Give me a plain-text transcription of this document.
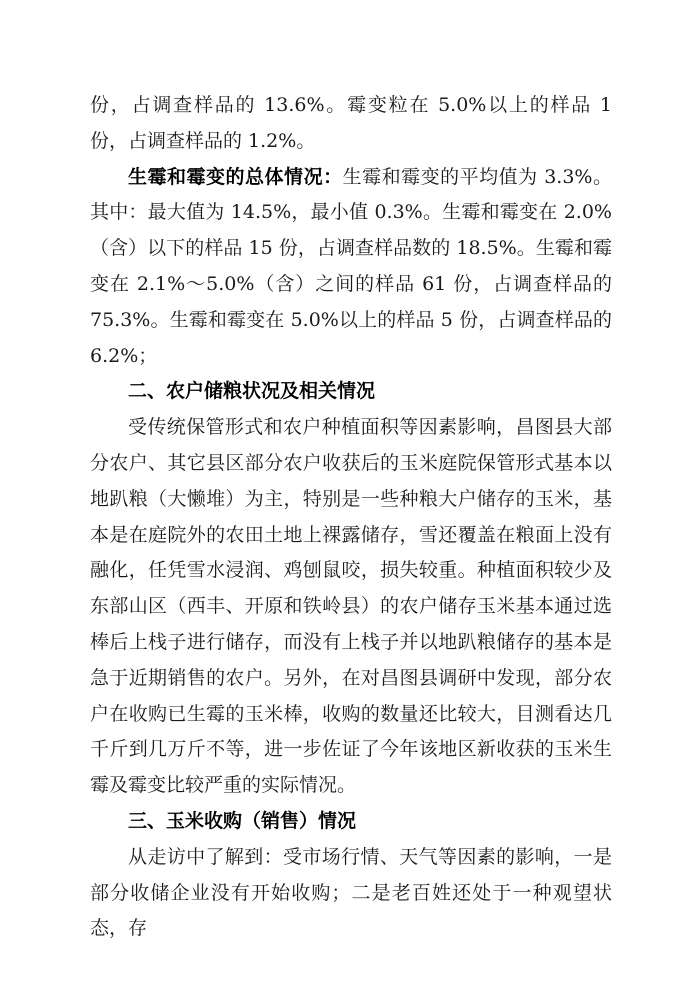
份，占调查样品的 13.6%。霉变粒在 5.0%以上的样品 1 份，占调查样品的 1.2%。

生霉和霉变的总体情况：生霉和霉变的平均值为 3.3%。其中：最大值为 14.5%，最小值 0.3%。生霉和霉变在 2.0%（含）以下的样品 15 份，占调查样品数的 18.5%。生霉和霉变在 2.1%～5.0%（含）之间的样品 61 份，占调查样品的 75.3%。生霉和霉变在 5.0%以上的样品 5 份，占调查样品的 6.2%；

二、农户储粮状况及相关情况

受传统保管形式和农户种植面积等因素影响，昌图县大部分农户、其它县区部分农户收获后的玉米庭院保管形式基本以地趴粮（大懒堆）为主，特别是一些种粮大户储存的玉米，基本是在庭院外的农田土地上裸露储存，雪还覆盖在粮面上没有融化，任凭雪水浸润、鸡刨鼠咬，损失较重。种植面积较少及东部山区（西丰、开原和铁岭县）的农户储存玉米基本通过选棒后上栈子进行储存，而没有上栈子并以地趴粮储存的基本是急于近期销售的农户。另外，在对昌图县调研中发现，部分农户在收购已生霉的玉米棒，收购的数量还比较大，目测看达几千斤到几万斤不等，进一步佐证了今年该地区新收获的玉米生霉及霉变比较严重的实际情况。

三、玉米收购（销售）情况

从走访中了解到：受市场行情、天气等因素的影响，一是部分收储企业没有开始收购；二是老百姓还处于一种观望状态，存
